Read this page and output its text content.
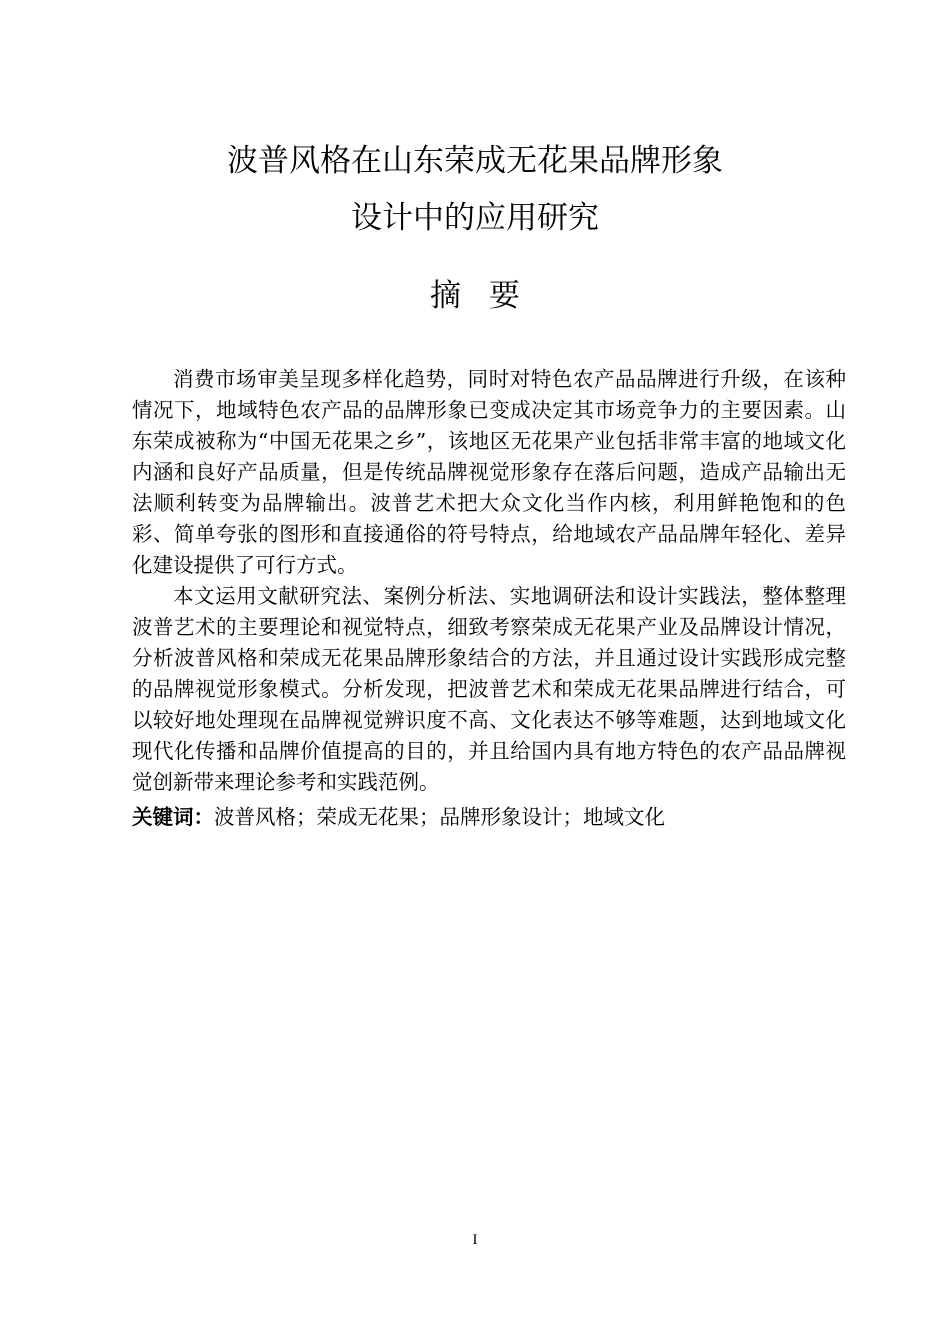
波普风格在山东荣成无花果品牌形象
设计中的应用研究
摘要

消费市场审美呈现多样化趋势，同时对特色农产品品牌进行升级，在该种情况下，地域特色农产品的品牌形象已变成决定其市场竞争力的主要因素。山东荣成被称为“中国无花果之乡”，该地区无花果产业包括非常丰富的地域文化内涵和良好产品质量，但是传统品牌视觉形象存在落后问题，造成产品输出无法顺利转变为品牌输出。波普艺术把大众文化当作内核，利用鲜艳饱和的色彩、简单夸张的图形和直接通俗的符号特点，给地域农产品品牌年轻化、差异化建设提供了可行方式。

本文运用文献研究法、案例分析法、实地调研法和设计实践法，整体整理波普艺术的主要理论和视觉特点，细致考察荣成无花果产业及品牌设计情况，分析波普风格和荣成无花果品牌形象结合的方法，并且通过设计实践形成完整的品牌视觉形象模式。分析发现，把波普艺术和荣成无花果品牌进行结合，可以较好地处理现在品牌视觉辨识度不高、文化表达不够等难题，达到地域文化现代化传播和品牌价值提高的目的，并且给国内具有地方特色的农产品品牌视觉创新带来理论参考和实践范例。

关键词：波普风格；荣成无花果；品牌形象设计；地域文化
I
